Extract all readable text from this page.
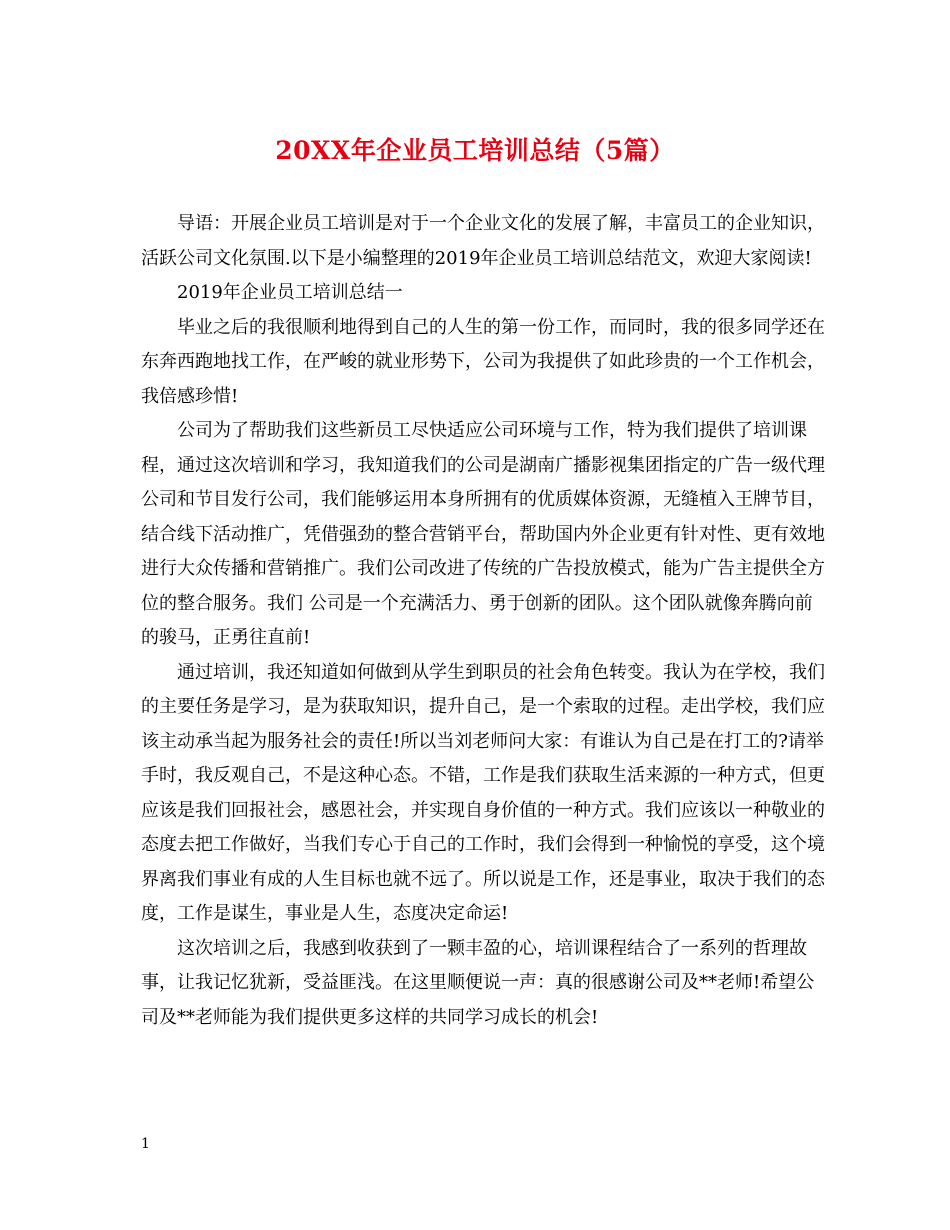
20XX年企业员工培训总结（5篇）

导语：开展企业员工培训是对于一个企业文化的发展了解，丰富员工的企业知识，活跃公司文化氛围.以下是小编整理的2019年企业员工培训总结范文，欢迎大家阅读!

2019年企业员工培训总结一

毕业之后的我很顺利地得到自己的人生的第一份工作，而同时，我的很多同学还在东奔西跑地找工作，在严峻的就业形势下，公司为我提供了如此珍贵的一个工作机会，我倍感珍惜!

公司为了帮助我们这些新员工尽快适应公司环境与工作，特为我们提供了培训课程，通过这次培训和学习，我知道我们的公司是湖南广播影视集团指定的广告一级代理公司和节目发行公司，我们能够运用本身所拥有的优质媒体资源，无缝植入王牌节目，结合线下活动推广，凭借强劲的整合营销平台，帮助国内外企业更有针对性、更有效地进行大众传播和营销推广。我们公司改进了传统的广告投放模式，能为广告主提供全方位的整合服务。我们 公司是一个充满活力、勇于创新的团队。这个团队就像奔腾向前的骏马，正勇往直前!

通过培训，我还知道如何做到从学生到职员的社会角色转变。我认为在学校，我们的主要任务是学习，是为获取知识，提升自己，是一个索取的过程。走出学校，我们应该主动承当起为服务社会的责任!所以当刘老师问大家：有谁认为自己是在打工的?请举手时，我反观自己，不是这种心态。不错，工作是我们获取生活来源的一种方式，但更应该是我们回报社会，感恩社会，并实现自身价值的一种方式。我们应该以一种敬业的态度去把工作做好，当我们专心于自己的工作时，我们会得到一种愉悦的享受，这个境界离我们事业有成的人生目标也就不远了。所以说是工作，还是事业，取决于我们的态度，工作是谋生，事业是人生，态度决定命运!

这次培训之后，我感到收获到了一颗丰盈的心，培训课程结合了一系列的哲理故事，让我记忆犹新，受益匪浅。在这里顺便说一声：真的很感谢公司及**老师!希望公司及**老师能为我们提供更多这样的共同学习成长的机会!

1
